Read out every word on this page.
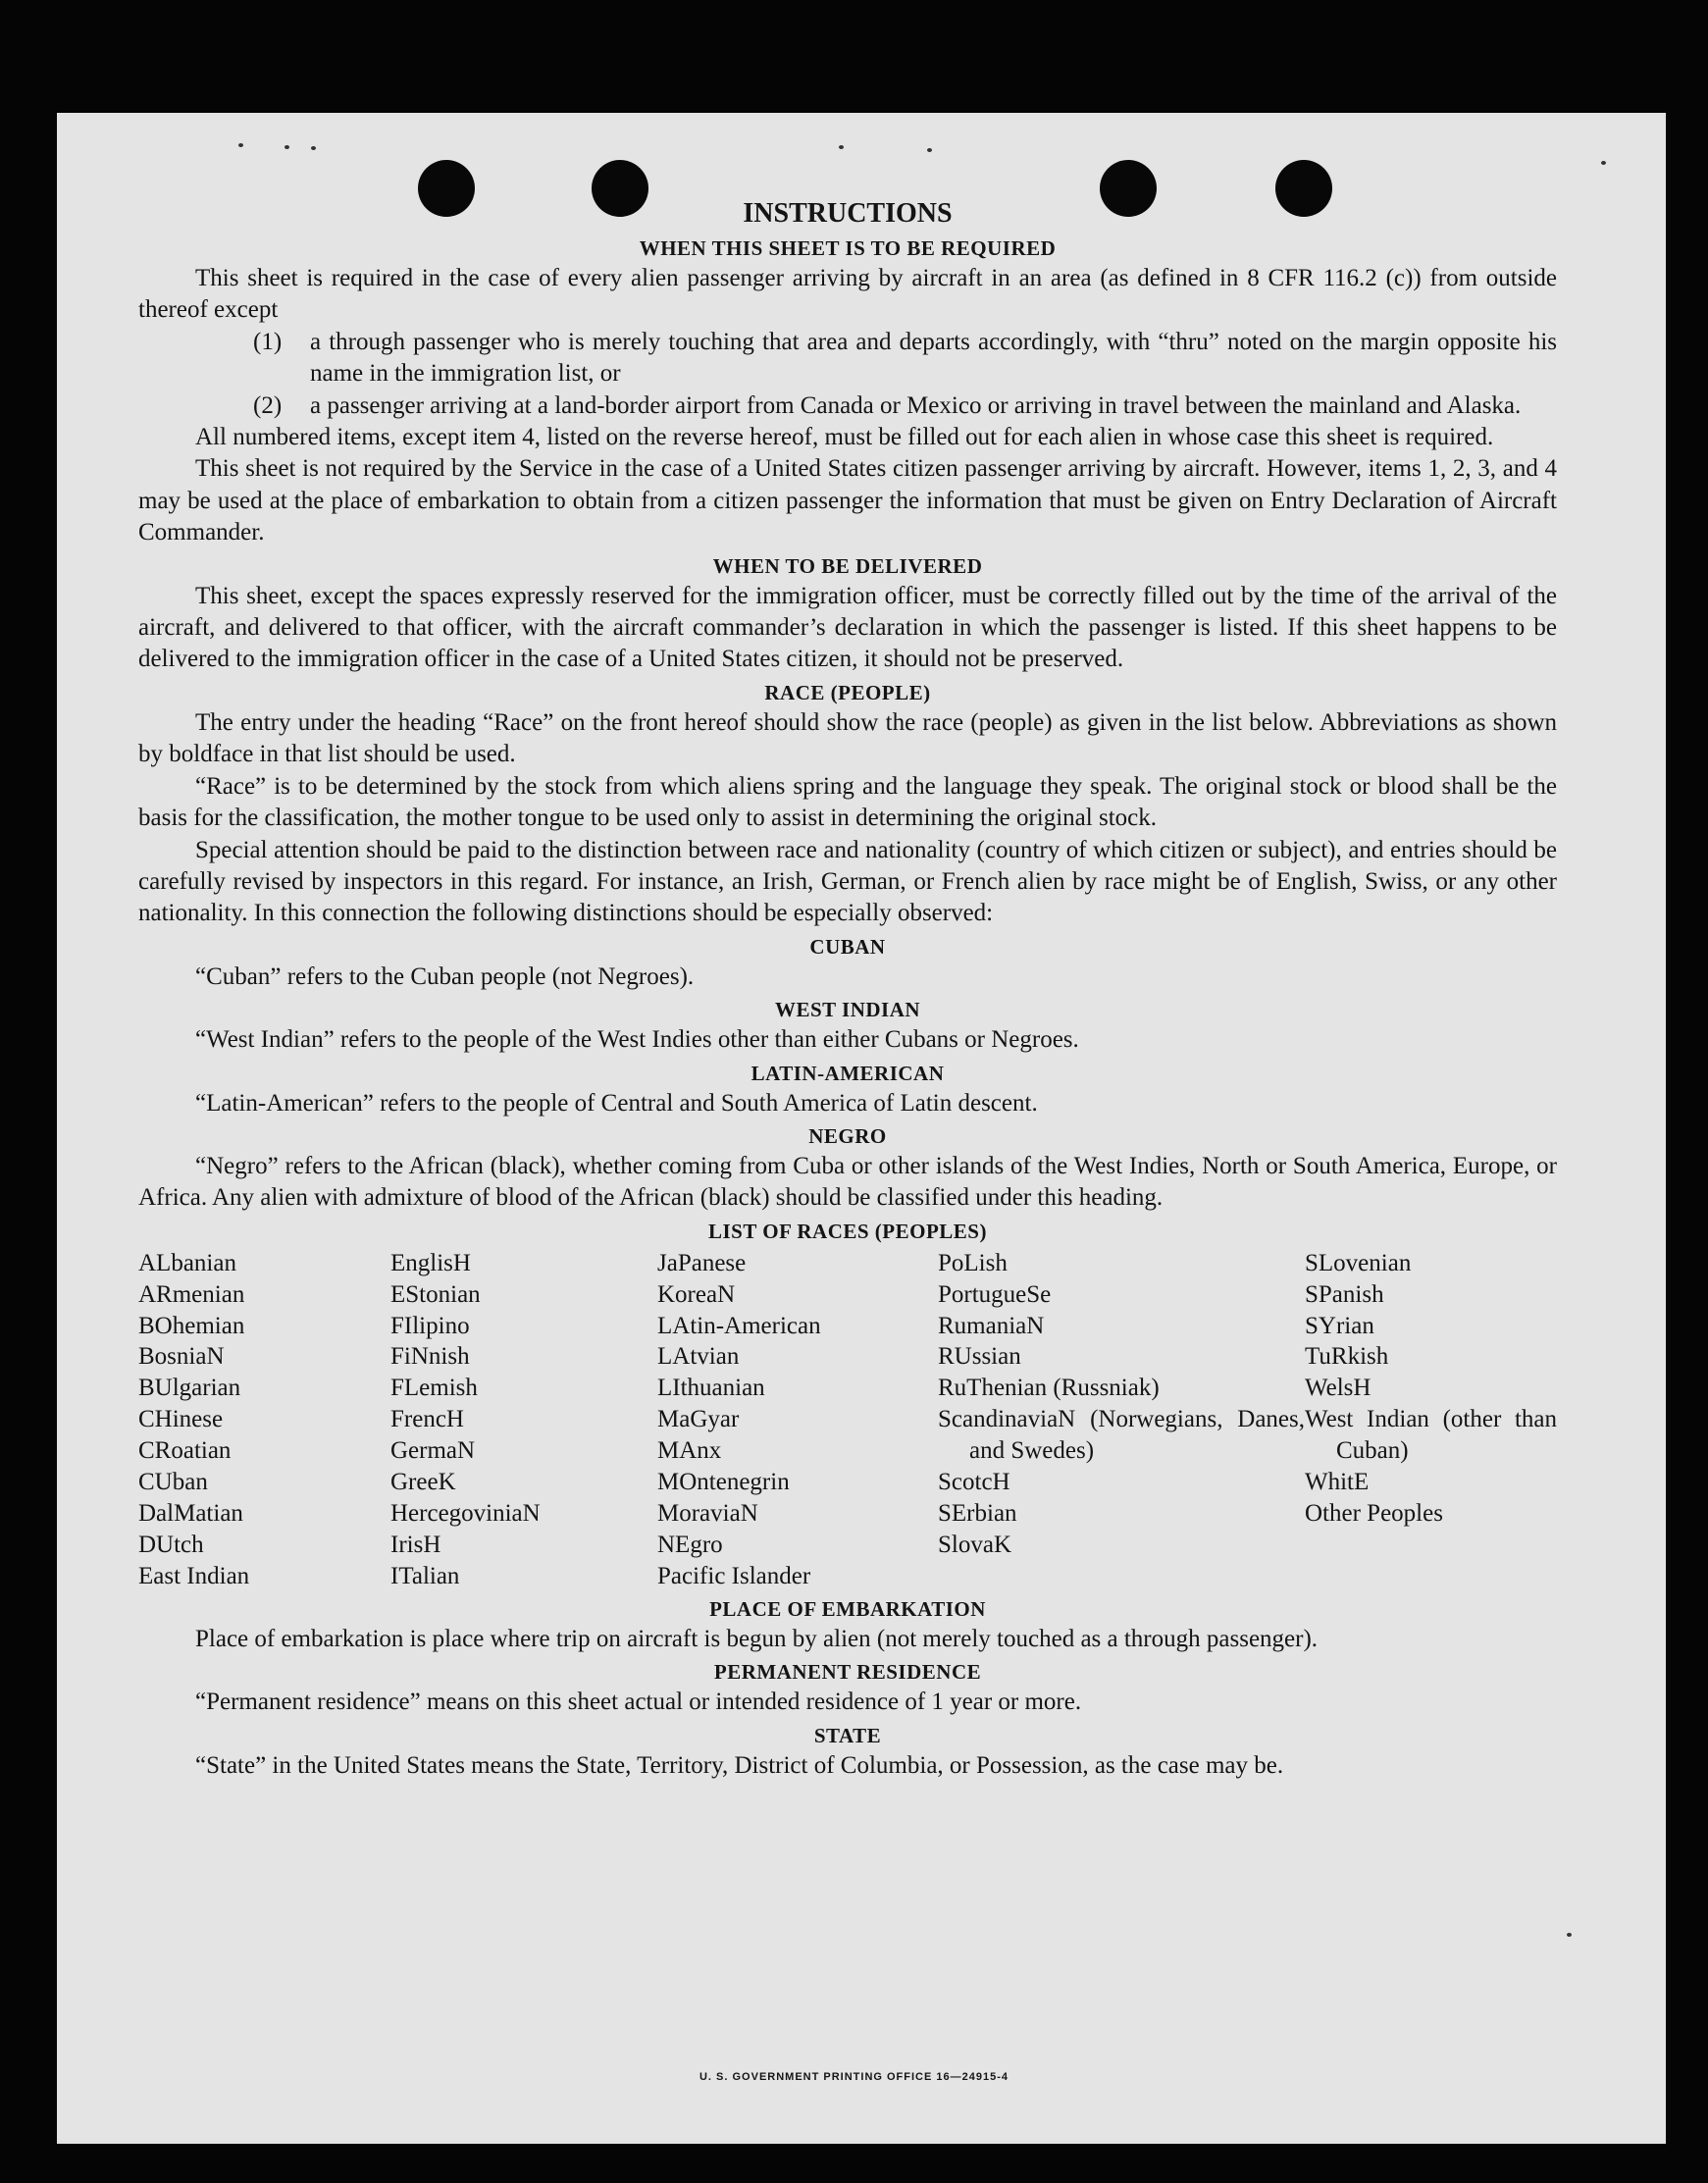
INSTRUCTIONS
WHEN THIS SHEET IS TO BE REQUIRED

This sheet is required in the case of every alien passenger arriving by aircraft in an area (as defined in 8 CFR 116.2 (c)) from outside thereof except

(1) a through passenger who is merely touching that area and departs accordingly, with “thru” noted on the margin opposite his name in the immigration list, or
(2) a passenger arriving at a land-border airport from Canada or Mexico or arriving in travel between the mainland and Alaska.

All numbered items, except item 4, listed on the reverse hereof, must be filled out for each alien in whose case this sheet is required.

This sheet is not required by the Service in the case of a United States citizen passenger arriving by aircraft. However, items 1, 2, 3, and 4 may be used at the place of embarkation to obtain from a citizen passenger the information that must be given on Entry Declaration of Aircraft Commander.

WHEN TO BE DELIVERED

This sheet, except the spaces expressly reserved for the immigration officer, must be correctly filled out by the time of the arrival of the aircraft, and delivered to that officer, with the aircraft commander’s declaration in which the passenger is listed. If this sheet happens to be delivered to the immigration officer in the case of a United States citizen, it should not be preserved.

RACE (PEOPLE)

The entry under the heading “Race” on the front hereof should show the race (people) as given in the list below. Abbreviations as shown by boldface in that list should be used.

“Race” is to be determined by the stock from which aliens spring and the language they speak. The original stock or blood shall be the basis for the classification, the mother tongue to be used only to assist in determining the original stock.

Special attention should be paid to the distinction between race and nationality (country of which citizen or subject), and entries should be carefully revised by inspectors in this regard. For instance, an Irish, German, or French alien by race might be of English, Swiss, or any other nationality. In this connection the following distinctions should be especially observed:

CUBAN

“Cuban” refers to the Cuban people (not Negroes).

WEST INDIAN

“West Indian” refers to the people of the West Indies other than either Cubans or Negroes.

LATIN-AMERICAN

“Latin-American” refers to the people of Central and South America of Latin descent.

NEGRO

“Negro” refers to the African (black), whether coming from Cuba or other islands of the West Indies, North or South America, Europe, or Africa. Any alien with admixture of blood of the African (black) should be classified under this heading.

LIST OF RACES (PEOPLES)
ALbanian
ARmenian
BOhemian
BosniaN
BUlgarian
CHinese
CRoatian
CUban
DalMatian
DUtch
East Indian
EnglisH
EStonian
FIlipino
FiNnish
FLemish
FrencH
GermaN
GreeK
HercegoviniaN
IrisH
ITalian
JaPanese
KoreaN
LAtin-American
LAtvian
LIthuanian
MaGyar
MAnx
MOntenegrin
MoraviaN
NEgro
Pacific Islander
PoLish
PortugueSe
RumaniaN
RUssian
RuThenian (Russniak)
ScandinaviaN (Norwegians, Danes, and Swedes)
ScotcH
SErbian
SlovaK
SLovenian
SPanish
SYrian
TuRkish
WelsH
West Indian (other than Cuban)
WhitE
Other Peoples
PLACE OF EMBARKATION

Place of embarkation is place where trip on aircraft is begun by alien (not merely touched as a through passenger).

PERMANENT RESIDENCE

“Permanent residence” means on this sheet actual or intended residence of 1 year or more.

STATE

“State” in the United States means the State, Territory, District of Columbia, or Possession, as the case may be.

U. S. GOVERNMENT PRINTING OFFICE 16—24915-4
